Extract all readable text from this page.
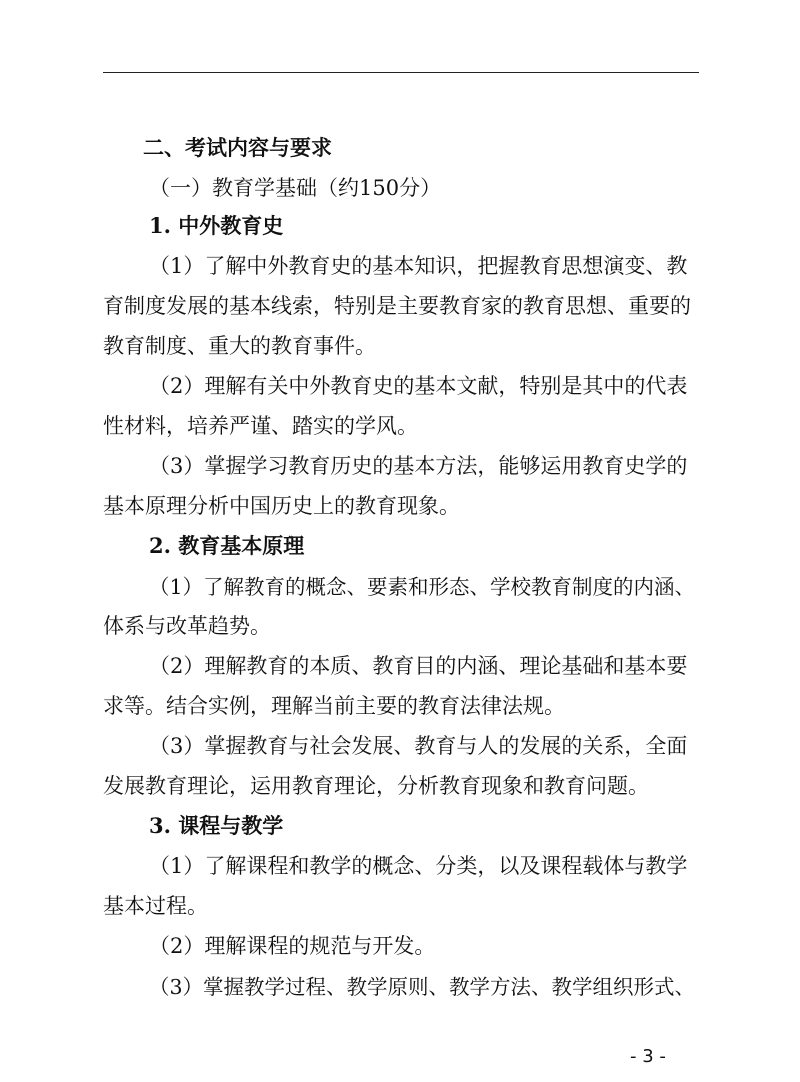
二、考试内容与要求
（一）教育学基础（约150分）
1. 中外教育史
（1）了解中外教育史的基本知识，把握教育思想演变、教
育制度发展的基本线索，特别是主要教育家的教育思想、重要的
教育制度、重大的教育事件。
（2）理解有关中外教育史的基本文献，特别是其中的代表
性材料，培养严谨、踏实的学风。
（3）掌握学习教育历史的基本方法，能够运用教育史学的
基本原理分析中国历史上的教育现象。
2. 教育基本原理
（1）了解教育的概念、要素和形态、学校教育制度的内涵、
体系与改革趋势。
（2）理解教育的本质、教育目的内涵、理论基础和基本要
求等。结合实例，理解当前主要的教育法律法规。
（3）掌握教育与社会发展、教育与人的发展的关系，全面
发展教育理论，运用教育理论，分析教育现象和教育问题。
3. 课程与教学
（1）了解课程和教学的概念、分类，以及课程载体与教学
基本过程。
（2）理解课程的规范与开发。
（3）掌握教学过程、教学原则、教学方法、教学组织形式、
- 3 -
